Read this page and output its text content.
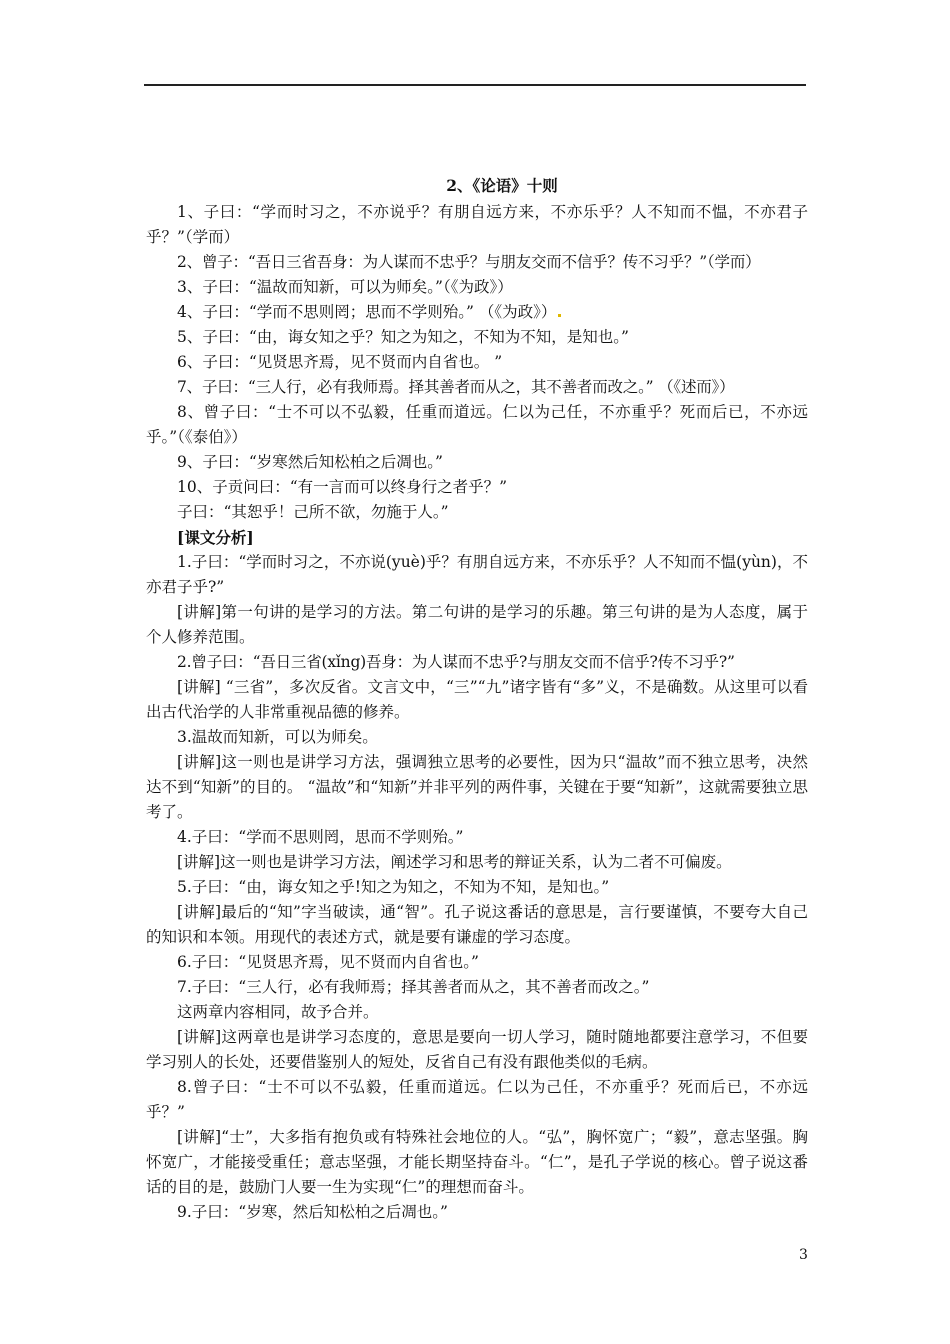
2、《论语》十则

1、子曰：“学而时习之，不亦说乎？有朋自远方来，不亦乐乎？人不知而不愠，不亦君子乎？”（学而）

2、曾子：“吾日三省吾身：为人谋而不忠乎？与朋友交而不信乎？传不习乎？”（学而）

3、子曰：“温故而知新，可以为师矣。”（《为政》）

4、子曰：“学而不思则罔；思而不学则殆。” （《为政》）

5、子曰：“由，诲女知之乎？知之为知之，不知为不知，是知也。”

6、子曰：“见贤思齐焉，见不贤而内自省也。 ”

7、子曰：“三人行，必有我师焉。择其善者而从之，其不善者而改之。” （《述而》）

8、曾子曰：“士不可以不弘毅，任重而道远。仁以为己任，不亦重乎？死而后已，不亦远乎。”（《泰伯》）

9、子曰：“岁寒然后知松柏之后凋也。”

10、子贡问曰：“有一言而可以终身行之者乎？”

子曰：“其恕乎！己所不欲，勿施于人。”

[课文分析]

1.子曰：“学而时习之，不亦说(yuè)乎？有朋自远方来，不亦乐乎？人不知而不愠(yùn)，不亦君子乎?”

[讲解]第一句讲的是学习的方法。第二句讲的是学习的乐趣。第三句讲的是为人态度，属于个人修养范围。

2.曾子曰：“吾日三省(xǐng)吾身：为人谋而不忠乎?与朋友交而不信乎?传不习乎?”

[讲解] “三省”，多次反省。文言文中，“三”“九”诸字皆有“多”义，不是确数。从这里可以看出古代治学的人非常重视品德的修养。

3.温故而知新，可以为师矣。

[讲解]这一则也是讲学习方法，强调独立思考的必要性，因为只“温故”而不独立思考，决然达不到“知新”的目的。 “温故”和“知新”并非平列的两件事，关键在于要“知新”，这就需要独立思考了。

4.子曰：“学而不思则罔，思而不学则殆。”

[讲解]这一则也是讲学习方法，阐述学习和思考的辩证关系，认为二者不可偏废。

5.子曰：“由，诲女知之乎!知之为知之，不知为不知，是知也。”

[讲解]最后的“知”字当破读，通“智”。孔子说这番话的意思是，言行要谨慎，不要夸大自己的知识和本领。用现代的表述方式，就是要有谦虚的学习态度。

6.子曰：“见贤思齐焉，见不贤而内自省也。”

7.子曰：“三人行，必有我师焉；择其善者而从之，其不善者而改之。”

这两章内容相同，故予合并。

[讲解]这两章也是讲学习态度的，意思是要向一切人学习，随时随地都要注意学习，不但要学习别人的长处，还要借鉴别人的短处，反省自己有没有跟他类似的毛病。

8.曾子曰：“士不可以不弘毅，任重而道远。仁以为己任，不亦重乎？死而后已，不亦远乎？”

[讲解]“士”，大多指有抱负或有特殊社会地位的人。“弘”，胸怀宽广；“毅”，意志坚强。胸怀宽广，才能接受重任；意志坚强，才能长期坚持奋斗。“仁”，是孔子学说的核心。曾子说这番话的目的是，鼓励门人要一生为实现“仁”的理想而奋斗。

9.子曰：“岁寒，然后知松柏之后凋也。”

3
